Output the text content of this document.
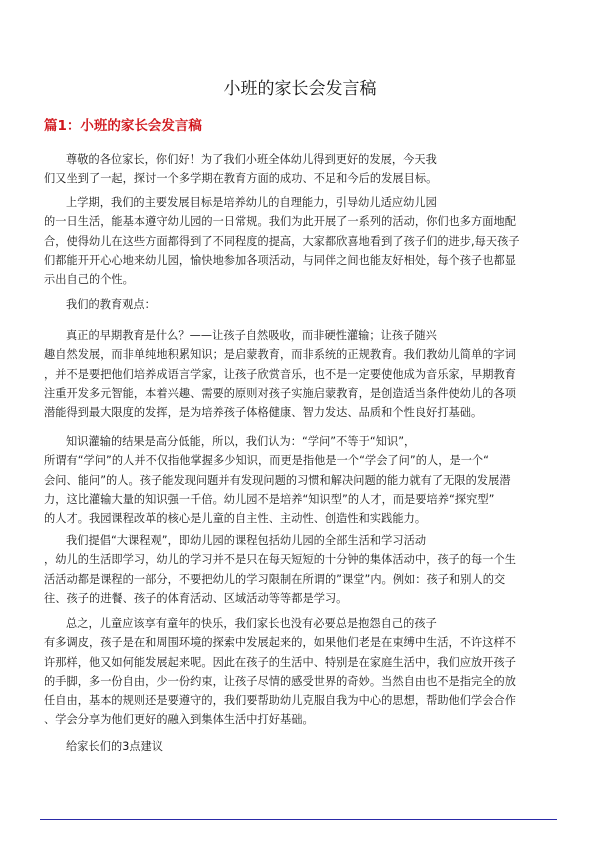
小班的家长会发言稿
篇1：小班的家长会发言稿
尊敬的各位家长，你们好！为了我们小班全体幼儿得到更好的发展，今天我
们又坐到了一起，探讨一个多学期在教育方面的成功、不足和今后的发展目标。
上学期，我们的主要发展目标是培养幼儿的自理能力，引导幼儿适应幼儿园
的一日生活，能基本遵守幼儿园的一日常规。我们为此开展了一系列的活动，你们也多方面地配
合，使得幼儿在这些方面都得到了不同程度的提高，大家都欣喜地看到了孩子们的进步,每天孩子
们都能开开心心地来幼儿园，愉快地参加各项活动，与同伴之间也能友好相处，每个孩子也都显
示出自己的个性。
我们的教育观点：
真正的早期教育是什么？——让孩子自然吸收，而非硬性灌输；让孩子随兴
趣自然发展，而非单纯地积累知识；是启蒙教育，而非系统的正规教育。我们教幼儿简单的字词
，并不是要把他们培养成语言学家，让孩子欣赏音乐，也不是一定要使他成为音乐家，早期教育
注重开发多元智能，本着兴趣、需要的原则对孩子实施启蒙教育，是创造适当条件使幼儿的各项
潜能得到最大限度的发挥，是为培养孩子体格健康、智力发达、品质和个性良好打基础。
知识灌输的结果是高分低能，所以，我们认为：“学问”不等于“知识”，
所谓有“学问”的人并不仅指他掌握多少知识，而更是指他是一个“学会了问”的人，是一个“
会问、能问”的人。孩子能发现问题并有发现问题的习惯和解决问题的能力就有了无限的发展潜
力，这比灌输大量的知识强一千倍。幼儿园不是培养“知识型”的人才，而是要培养“探究型”
的人才。我园课程改革的核心是儿童的自主性、主动性、创造性和实践能力。
我们提倡“大课程观”，即幼儿园的课程包括幼儿园的全部生活和学习活动
，幼儿的生活即学习，幼儿的学习并不是只在每天短短的十分钟的集体活动中，孩子的每一个生
活活动都是课程的一部分，不要把幼儿的学习限制在所谓的”课堂”内。例如：孩子和别人的交
往、孩子的进餐、孩子的体育活动、区域活动等等都是学习。
总之，儿童应该享有童年的快乐，我们家长也没有必要总是抱怨自己的孩子
有多调皮，孩子是在和周围环境的探索中发展起来的，如果他们老是在束缚中生活，不许这样不
许那样，他又如何能发展起来呢。因此在孩子的生活中、特别是在家庭生活中，我们应放开孩子
的手脚，多一份自由，少一份约束，让孩子尽情的感受世界的奇妙。当然自由也不是指完全的放
任自由，基本的规则还是要遵守的，我们要帮助幼儿克服自我为中心的思想，帮助他们学会合作
、学会分享为他们更好的融入到集体生活中打好基础。
给家长们的3点建议
